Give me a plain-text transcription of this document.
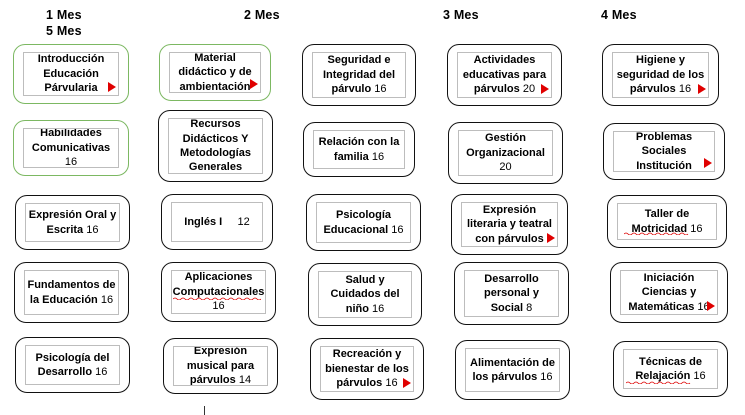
1 Mes
5 Mes
2 Mes	3 Mes	4 Mes
Introducción Educación Párvularia
Habilidades Comunicativas 16
Expresión Oral y Escrita 16
Fundamentos de la Educación 16
Psicología del Desarrollo 16
Material didáctico y de ambientación
Recursos Didácticos Y Metodologías Generales
Inglés I 12
Aplicaciones Computacionales 16
Expresión musical para párvulos 14
Seguridad e Integridad del párvulo 16
Relación con la familia 16
Psicología Educacional 16
Salud y Cuidados del niño 16
Recreación y bienestar de los párvulos 16
Actividades educativas para párvulos 20
Gestión Organizacional 20
Expresión literaria y teatral con párvulos
Desarrollo personal y Social 8
Alimentación de los párvulos 16
Higiene y seguridad de los párvulos 16
Problemas Sociales Institución
Taller de Motricidad 16
Iniciación Ciencias y Matemáticas 16
Técnicas de Relajación 16
